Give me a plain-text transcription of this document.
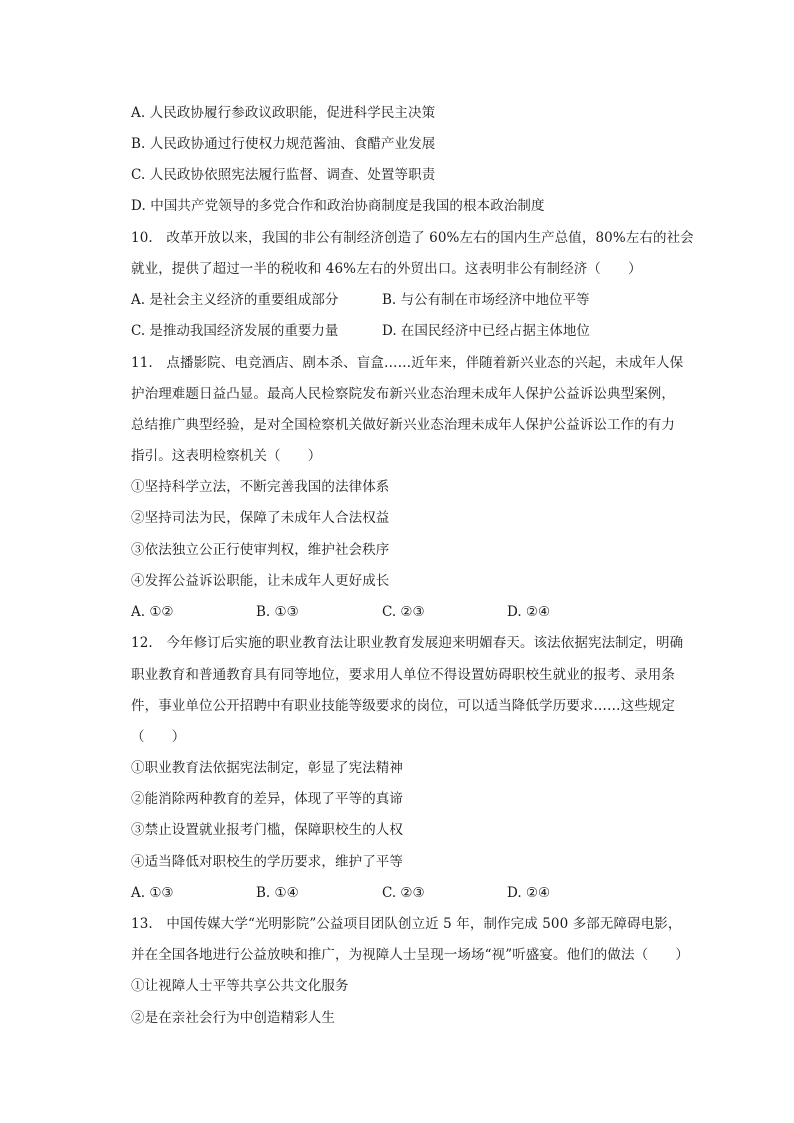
A. 人民政协履行参政议政职能，促进科学民主决策
B. 人民政协通过行使权力规范酱油、食醋产业发展
C. 人民政协依照宪法履行监督、调查、处置等职责
D. 中国共产党领导的多党合作和政治协商制度是我国的根本政治制度
10.　改革开放以来，我国的非公有制经济创造了 60%左右的国内生产总值，80%左右的社会
就业，提供了超过一半的税收和 46%左右的外贸出口。这表明非公有制经济（　　）
A. 是社会主义经济的重要组成部分	B. 与公有制在市场经济中地位平等
C. 是推动我国经济发展的重要力量	D. 在国民经济中已经占据主体地位
11.　点播影院、电竞酒店、剧本杀、盲盒……近年来，伴随着新兴业态的兴起，未成年人保
护治理难题日益凸显。最高人民检察院发布新兴业态治理未成年人保护公益诉讼典型案例，
总结推广典型经验，是对全国检察机关做好新兴业态治理未成年人保护公益诉讼工作的有力
指引。这表明检察机关（　　）
①坚持科学立法，不断完善我国的法律体系
②坚持司法为民，保障了未成年人合法权益
③依法独立公正行使审判权，维护社会秩序
④发挥公益诉讼职能，让未成年人更好成长
A. ①②	B. ①③	C. ②③	D. ②④
12.　今年修订后实施的职业教育法让职业教育发展迎来明媚春天。该法依据宪法制定，明确
职业教育和普通教育具有同等地位，要求用人单位不得设置妨碍职校生就业的报考、录用条
件，事业单位公开招聘中有职业技能等级要求的岗位，可以适当降低学历要求……这些规定
（　　）
①职业教育法依据宪法制定，彰显了宪法精神
②能消除两种教育的差异，体现了平等的真谛
③禁止设置就业报考门槛，保障职校生的人权
④适当降低对职校生的学历要求，维护了平等
A. ①③	B. ①④	C. ②③	D. ②④
13.　中国传媒大学“光明影院”公益项目团队创立近 5 年，制作完成 500 多部无障碍电影，
并在全国各地进行公益放映和推广，为视障人士呈现一场场“视”听盛宴。他们的做法（　　）
①让视障人士平等共享公共文化服务
②是在亲社会行为中创造精彩人生
